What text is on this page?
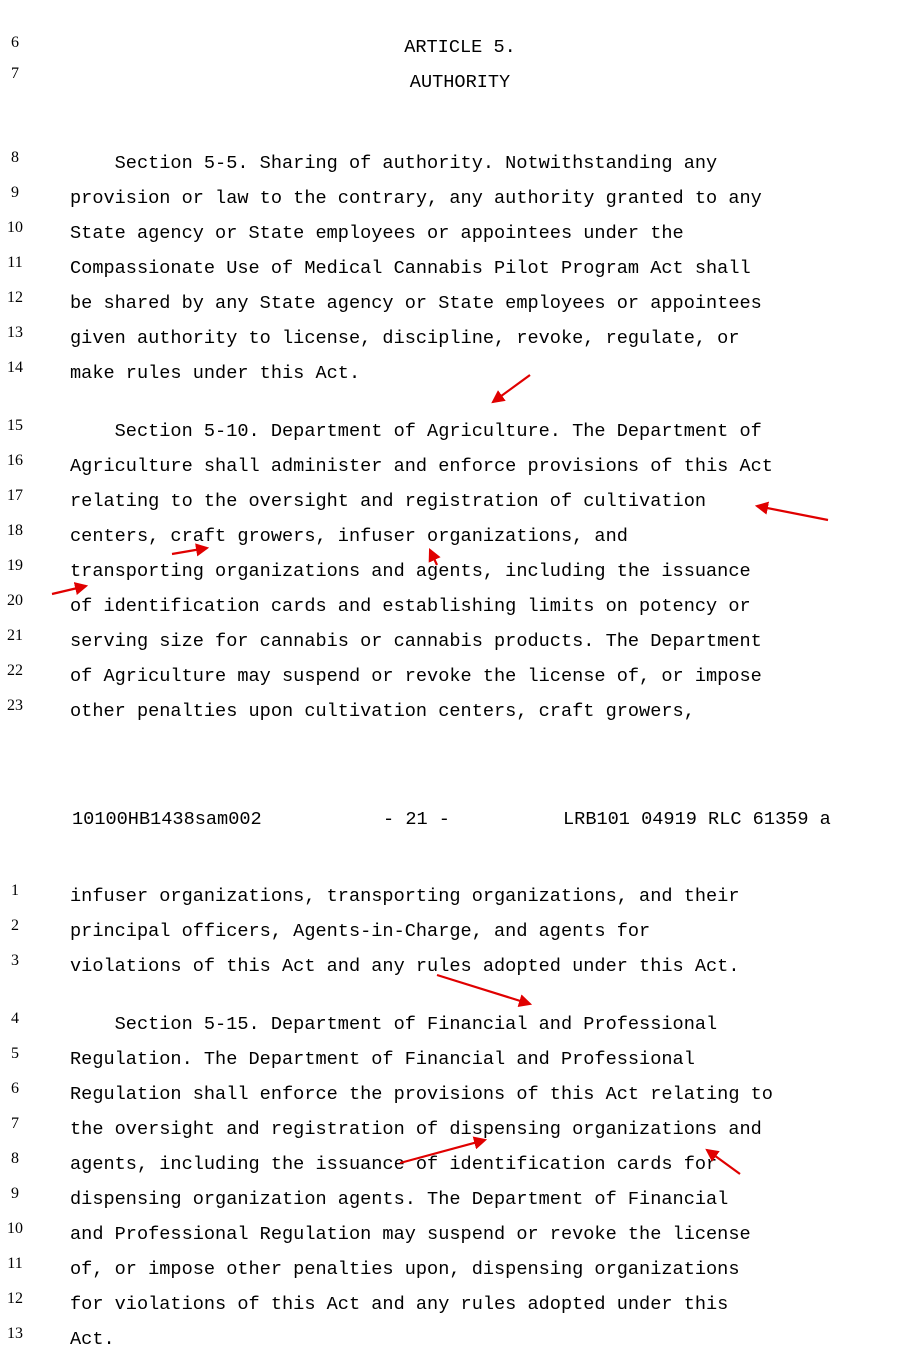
ARTICLE 5.
AUTHORITY
6
7
8
9
10
11
12
13
14
15
16
17
18
19
20
21
22
23
Section 5-5. Sharing of authority. Notwithstanding any
provision or law to the contrary, any authority granted to any
State agency or State employees or appointees under the
Compassionate Use of Medical Cannabis Pilot Program Act shall
be shared by any State agency or State employees or appointees
given authority to license, discipline, revoke, regulate, or
make rules under this Act.
Section 5-10. Department of Agriculture. The Department of
Agriculture shall administer and enforce provisions of this Act
relating to the oversight and registration of cultivation
centers, craft growers, infuser organizations, and
transporting organizations and agents, including the issuance
of identification cards and establishing limits on potency or
serving size for cannabis or cannabis products. The Department
of Agriculture may suspend or revoke the license of, or impose
other penalties upon cultivation centers, craft growers,
10100HB1438sam002	- 21 -	LRB101 04919 RLC 61359 a
1
2
3
4
5
6
7
8
9
10
11
12
13
infuser organizations, transporting organizations, and their
principal officers, Agents-in-Charge, and agents for
violations of this Act and any rules adopted under this Act.
Section 5-15. Department of Financial and Professional
Regulation. The Department of Financial and Professional
Regulation shall enforce the provisions of this Act relating to
the oversight and registration of dispensing organizations and
agents, including the issuance of identification cards for
dispensing organization agents. The Department of Financial
and Professional Regulation may suspend or revoke the license
of, or impose other penalties upon, dispensing organizations
for violations of this Act and any rules adopted under this
Act.
